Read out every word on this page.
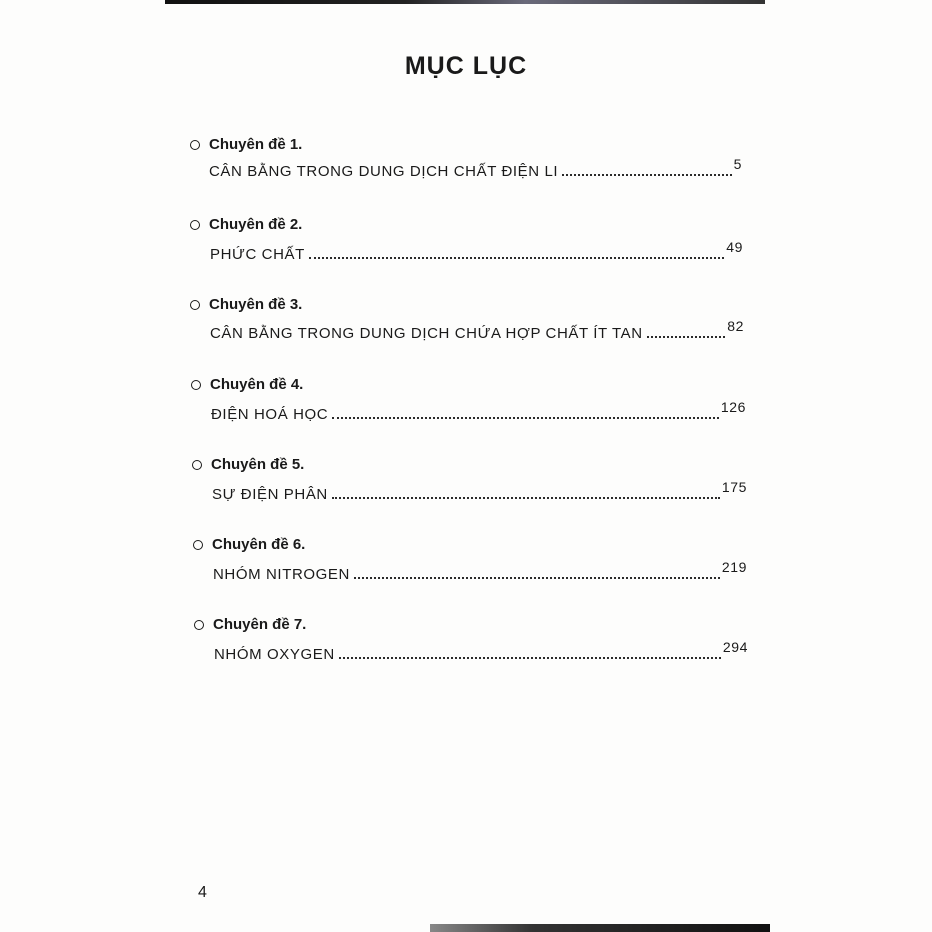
MỤC LỤC
Chuyên đề 1.
CÂN BẰNG TRONG DUNG DỊCH CHẤT ĐIỆN LI	5
Chuyên đề 2.
PHỨC CHẤT	49
Chuyên đề 3.
CÂN BẰNG TRONG DUNG DỊCH CHỨA HỢP CHẤT ÍT TAN	82
Chuyên đề 4.
ĐIỆN HOÁ HỌC	126
Chuyên đề 5.
SỰ ĐIỆN PHÂN	175
Chuyên đề 6.
NHÓM NITROGEN	219
Chuyên đề 7.
NHÓM OXYGEN	294
4
